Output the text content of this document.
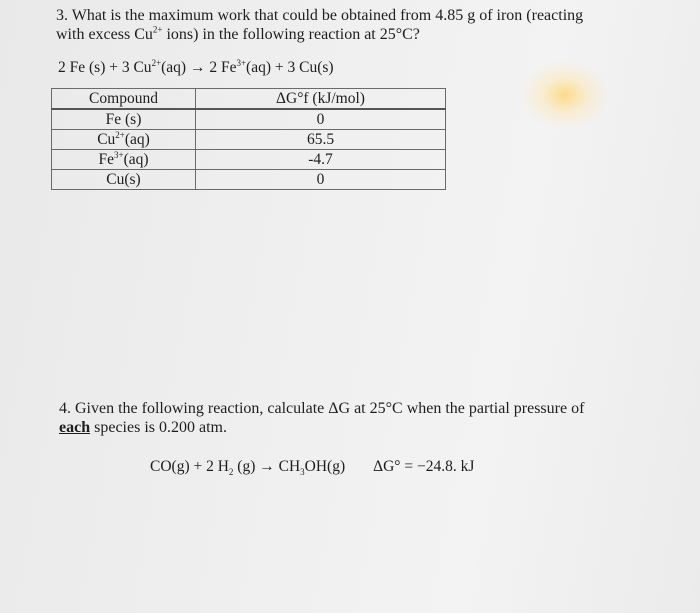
3. What is the maximum work that could be obtained from 4.85 g of iron (reacting
with excess $Cu^{2+}$ ions) in the following reaction at 25°C?
2 Fe (s) + 3 $Cu^{2+}(aq) \to 2$ $Fe^{3+}(aq) + 3$ Cu(s)
Compound	ΔG°f (kJ/mol)
Fe (s)	0
$Cu^{2+}(aq)$	65.5
$Fe^{3+}(aq)$	-4.7
Cu(s)	0
4. Given the following reaction, calculate ΔG at 25°C when the partial pressure of
each species is 0.200 atm.
CO(g) + 2 $H_2$ $(g) \to CH_3OH(g) \Delta G^\circ = -24.8$. kJ
